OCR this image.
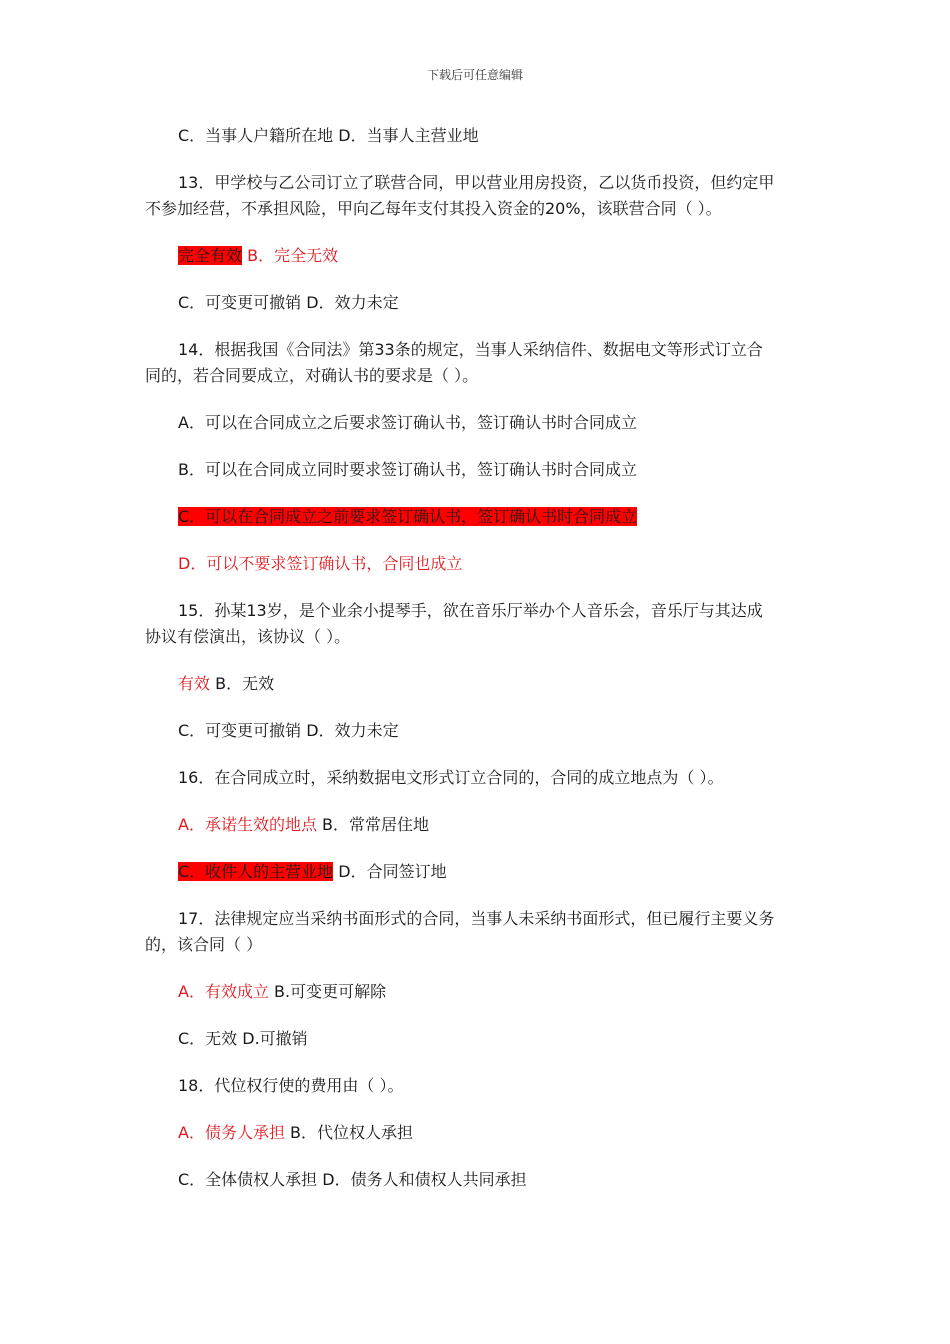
下载后可任意编辑
C．当事人户籍所在地 D．当事人主营业地
13．甲学校与乙公司订立了联营合同，甲以营业用房投资，乙以货币投资，但约定甲
不参加经营，不承担风险，甲向乙每年支付其投入资金的20%，该联营合同（ ）。
完全有效 B．完全无效
C．可变更可撤销 D．效力未定
14．根据我国《合同法》第33条的规定，当事人采纳信件、数据电文等形式订立合
同的，若合同要成立，对确认书的要求是（ ）。
A．可以在合同成立之后要求签订确认书，签订确认书时合同成立
B．可以在合同成立同时要求签订确认书，签订确认书时合同成立
C．可以在合同成立之前要求签订确认书，签订确认书时合同成立
D．可以不要求签订确认书，合同也成立
15．孙某13岁，是个业余小提琴手，欲在音乐厅举办个人音乐会，音乐厅与其达成
协议有偿演出，该协议（ ）。
有效 B．无效
C．可变更可撤销 D．效力未定
16．在合同成立时，采纳数据电文形式订立合同的，合同的成立地点为（ ）。
A．承诺生效的地点 B．常常居住地
C．收件人的主营业地 D．合同签订地
17．法律规定应当采纳书面形式的合同，当事人未采纳书面形式，但已履行主要义务
的，该合同（ ）
A．有效成立 B.可变更可解除
C．无效 D.可撤销
18．代位权行使的费用由（ ）。
A．债务人承担 B．代位权人承担
C．全体债权人承担 D．债务人和债权人共同承担
